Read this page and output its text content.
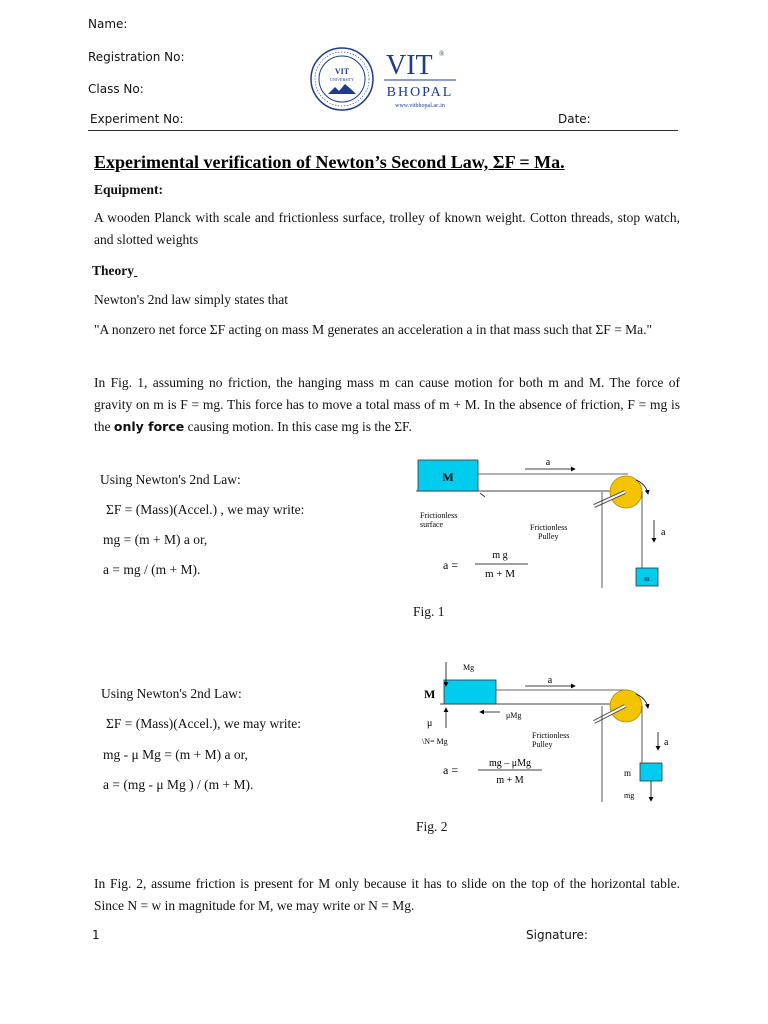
Name:
Registration No:
Class No:
Experiment No:	Date:
VIT
UNIVERSITY VIT ®
BHOPAL
www.vitbhopal.ac.in
Experimental verification of Newton’s Second Law, ΣF = Ma.
Equipment:
A wooden Planck with scale and frictionless surface, trolley of known weight. Cotton threads, stop watch, and slotted weights
Theory
Newton's 2nd law simply states that
"A nonzero net force ΣF acting on mass M generates an acceleration a in that mass such that ΣF = Ma."
In Fig. 1, assuming no friction, the hanging mass m can cause motion for both m and M. The force of gravity on m is F = mg. This force has to move a total mass of m + M. In the absence of friction, F = mg is the only force causing motion. In this case mg is the ΣF.
Using Newton's 2nd Law:
ΣF = (Mass)(Accel.) , we may write:
mg = (m + M) a or,
a = mg / (m + M).
M
a
m
a
Frictionless
surface	Frictionless
Pulley
a =
m g
m + M
Fig. 1
Using Newton's 2nd Law:
ΣF = (Mass)(Accel.), we may write:
mg - μ Mg = (m + M) a or,
a = (mg - μ Mg ) / (m + M).
M
Mg
a
μ
μMg
\N= Mg
m
mg
a
Frictionless
Pulley
a =	mg – μMg
m + M
Fig. 2
In Fig. 2, assume friction is present for M only because it has to slide on the top of the horizontal table. Since N = w in magnitude for M, we may write or N = Mg.
1	Signature:
